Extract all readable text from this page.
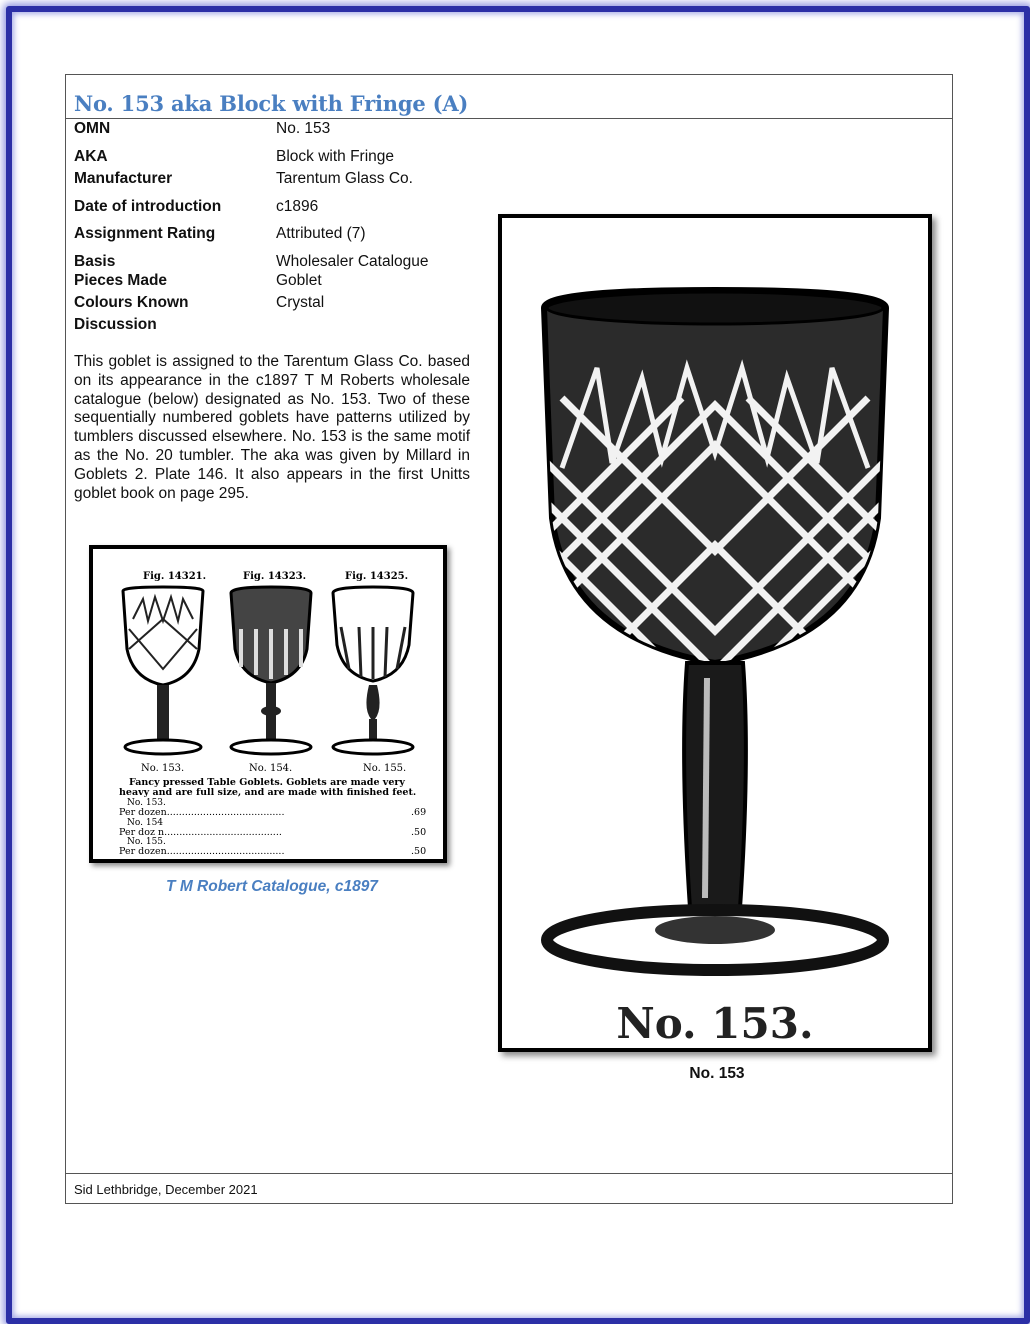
No. 153 aka Block with Fringe (A)
OMN	No. 153
AKA	Block with Fringe
Manufacturer	Tarentum Glass Co.
Date of introduction	c1896
Assignment Rating	Attributed (7)
Basis	Wholesaler Catalogue
Pieces Made	Goblet
Colours Known	Crystal
Discussion

This goblet is assigned to the Tarentum Glass Co. based on its appearance in the c1897 T M Roberts wholesale catalogue (below) designated as No. 153. Two of these sequentially numbered goblets have patterns utilized by tumblers discussed elsewhere. No. 153 is the same motif as the No. 20 tumbler. The aka was given by Millard in Goblets 2. Plate 146. It also appears in the first Unitts goblet book on page 295.

Fig. 14321.	Fig. 14323.	Fig. 14325.
No. 153.	No. 154.	No. 155.
Fancy pressed Table Goblets. Goblets are made very
heavy and are full size, and are made with finished feet.
No. 153.
Per dozen.......................................	.69
No. 154
Per doz n.......................................	.50
No. 155.
Per dozen.......................................	.50
T M Robert Catalogue, c1897
No. 153.
No. 153
Sid Lethbridge, December 2021
